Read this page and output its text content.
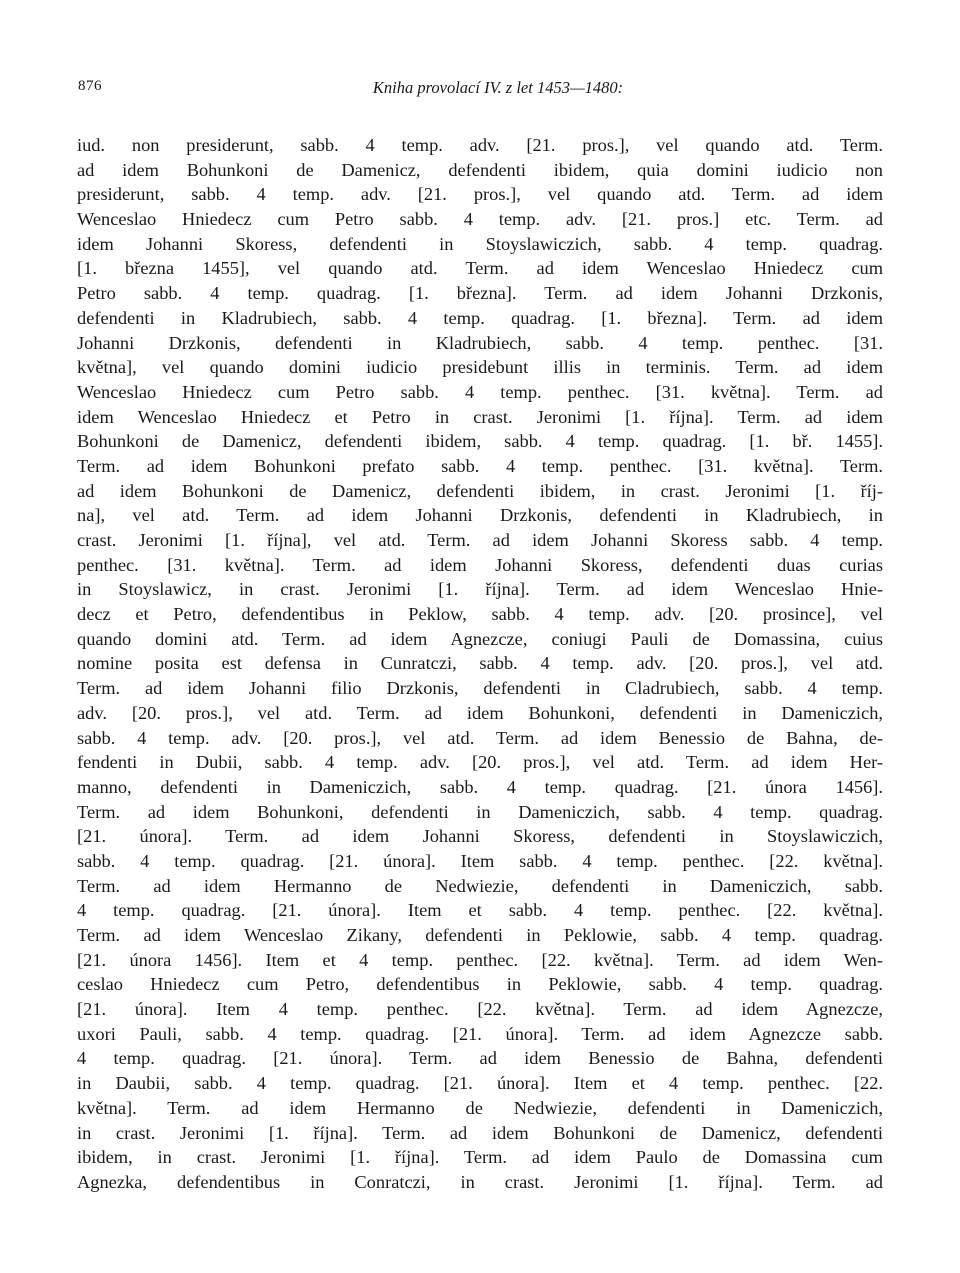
876	Kniha provolací IV. z let 1453—1480:
iud. non presiderunt, sabb. 4 temp. adv. [21. pros.], vel quando atd. Term.
ad idem Bohunkoni de Damenicz, defendenti ibidem, quia domini iudicio non
presiderunt, sabb. 4 temp. adv. [21. pros.], vel quando atd. Term. ad idem
Wenceslao Hniedecz cum Petro sabb. 4 temp. adv. [21. pros.] etc. Term. ad
idem Johanni Skoress, defendenti in Stoyslawiczich, sabb. 4 temp. quadrag.
[1. března 1455], vel quando atd. Term. ad idem Wenceslao Hniedecz cum
Petro sabb. 4 temp. quadrag. [1. března]. Term. ad idem Johanni Drzkonis,
defendenti in Kladrubiech, sabb. 4 temp. quadrag. [1. března]. Term. ad idem
Johanni Drzkonis, defendenti in Kladrubiech, sabb. 4 temp. penthec. [31.
května], vel quando domini iudicio presidebunt illis in terminis. Term. ad idem
Wenceslao Hniedecz cum Petro sabb. 4 temp. penthec. [31. května]. Term. ad
idem Wenceslao Hniedecz et Petro in crast. Jeronimi [1. října]. Term. ad idem
Bohunkoni de Damenicz, defendenti ibidem, sabb. 4 temp. quadrag. [1. bř. 1455].
Term. ad idem Bohunkoni prefato sabb. 4 temp. penthec. [31. května]. Term.
ad idem Bohunkoni de Damenicz, defendenti ibidem, in crast. Jeronimi [1. říj-
na], vel atd. Term. ad idem Johanni Drzkonis, defendenti in Kladrubiech, in
crast. Jeronimi [1. října], vel atd. Term. ad idem Johanni Skoress sabb. 4 temp.
penthec. [31. května]. Term. ad idem Johanni Skoress, defendenti duas curias
in Stoyslawicz, in crast. Jeronimi [1. října]. Term. ad idem Wenceslao Hnie-
decz et Petro, defendentibus in Peklow, sabb. 4 temp. adv. [20. prosince], vel
quando domini atd. Term. ad idem Agnezcze, coniugi Pauli de Domassina, cuius
nomine posita est defensa in Cunratczi, sabb. 4 temp. adv. [20. pros.], vel atd.
Term. ad idem Johanni filio Drzkonis, defendenti in Cladrubiech, sabb. 4 temp.
adv. [20. pros.], vel atd. Term. ad idem Bohunkoni, defendenti in Dameniczich,
sabb. 4 temp. adv. [20. pros.], vel atd. Term. ad idem Benessio de Bahna, de-
fendenti in Dubii, sabb. 4 temp. adv. [20. pros.], vel atd. Term. ad idem Her-
manno, defendenti in Dameniczich, sabb. 4 temp. quadrag. [21. února 1456].
Term. ad idem Bohunkoni, defendenti in Dameniczich, sabb. 4 temp. quadrag.
[21. února]. Term. ad idem Johanni Skoress, defendenti in Stoyslawiczich,
sabb. 4 temp. quadrag. [21. února]. Item sabb. 4 temp. penthec. [22. května].
Term. ad idem Hermanno de Nedwiezie, defendenti in Dameniczich, sabb.
4 temp. quadrag. [21. února]. Item et sabb. 4 temp. penthec. [22. května].
Term. ad idem Wenceslao Zikany, defendenti in Peklowie, sabb. 4 temp. quadrag.
[21. února 1456]. Item et 4 temp. penthec. [22. května]. Term. ad idem Wen-
ceslao Hniedecz cum Petro, defendentibus in Peklowie, sabb. 4 temp. quadrag.
[21. února]. Item 4 temp. penthec. [22. května]. Term. ad idem Agnezcze,
uxori Pauli, sabb. 4 temp. quadrag. [21. února]. Term. ad idem Agnezcze sabb.
4 temp. quadrag. [21. února]. Term. ad idem Benessio de Bahna, defendenti
in Daubii, sabb. 4 temp. quadrag. [21. února]. Item et 4 temp. penthec. [22.
května]. Term. ad idem Hermanno de Nedwiezie, defendenti in Dameniczich,
in crast. Jeronimi [1. října]. Term. ad idem Bohunkoni de Damenicz, defendenti
ibidem, in crast. Jeronimi [1. října]. Term. ad idem Paulo de Domassina cum
Agnezka, defendentibus in Conratczi, in crast. Jeronimi [1. října]. Term. ad
